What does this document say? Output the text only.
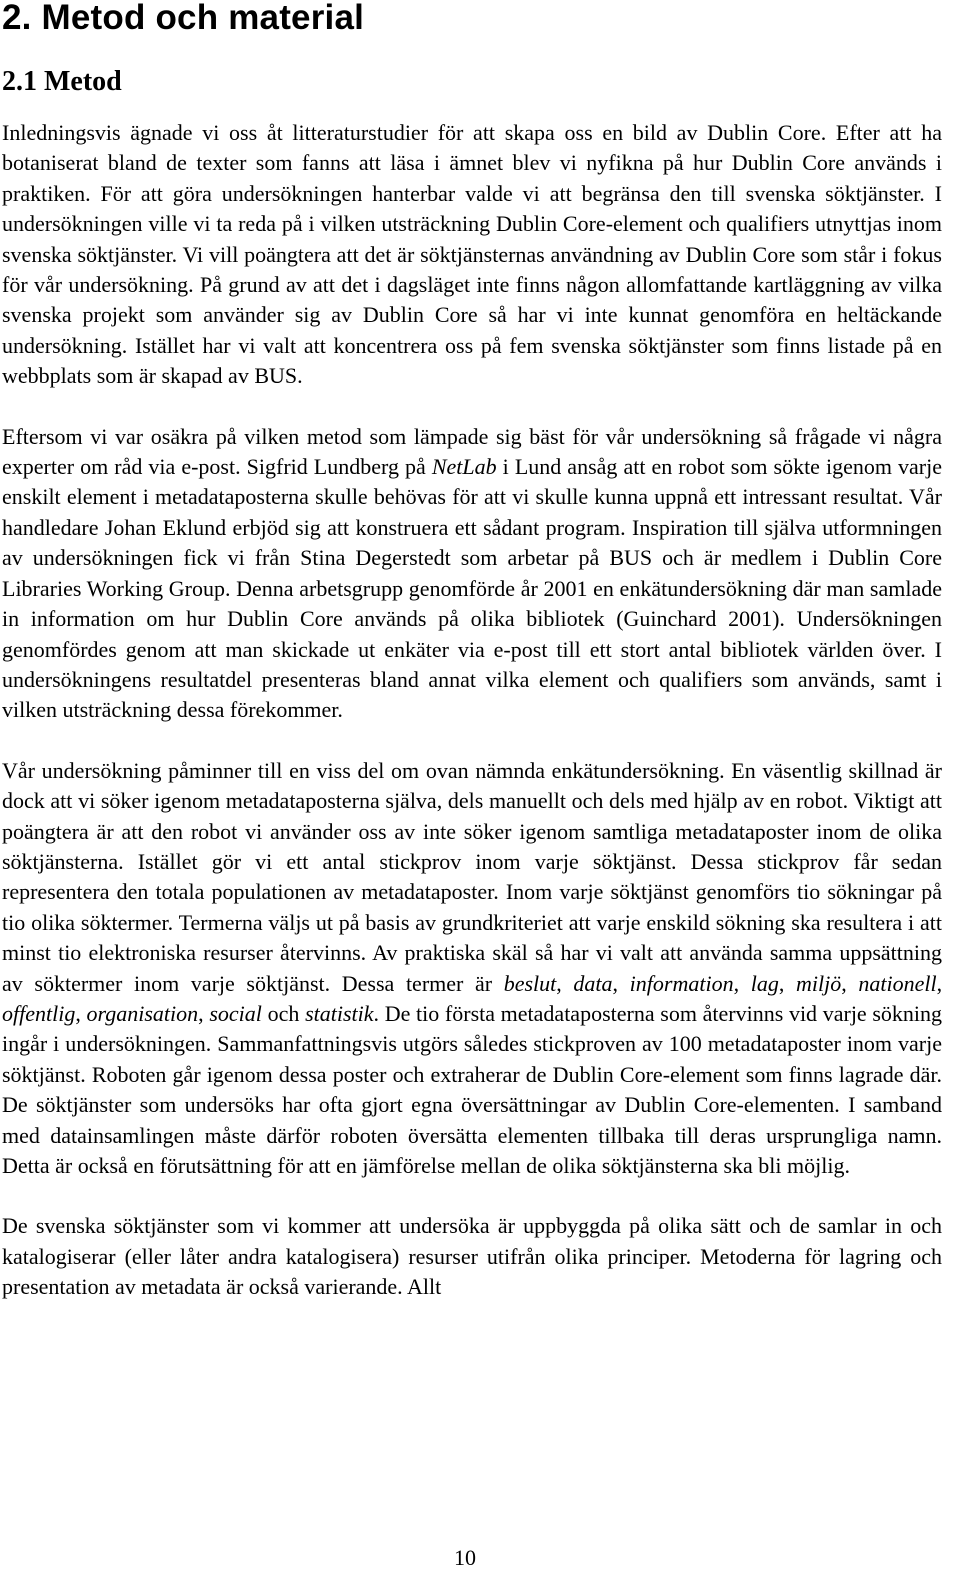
2. Metod och material
2.1 Metod

Inledningsvis ägnade vi oss åt litteraturstudier för att skapa oss en bild av Dublin Core. Efter att ha botaniserat bland de texter som fanns att läsa i ämnet blev vi nyfikna på hur Dublin Core används i praktiken. För att göra undersökningen hanterbar valde vi att begränsa den till svenska söktjänster. I undersökningen ville vi ta reda på i vilken utsträckning Dublin Core-element och qualifiers utnyttjas inom svenska söktjänster. Vi vill poängtera att det är söktjänsternas användning av Dublin Core som står i fokus för vår undersökning. På grund av att det i dagsläget inte finns någon allomfattande kartläggning av vilka svenska projekt som använder sig av Dublin Core så har vi inte kunnat genomföra en heltäckande undersökning. Istället har vi valt att koncentrera oss på fem svenska söktjänster som finns listade på en webbplats som är skapad av BUS.

Eftersom vi var osäkra på vilken metod som lämpade sig bäst för vår undersökning så frågade vi några experter om råd via e-post. Sigfrid Lundberg på NetLab i Lund ansåg att en robot som sökte igenom varje enskilt element i metadataposterna skulle behövas för att vi skulle kunna uppnå ett intressant resultat. Vår handledare Johan Eklund erbjöd sig att konstruera ett sådant program. Inspiration till själva utformningen av undersökningen fick vi från Stina Degerstedt som arbetar på BUS och är medlem i Dublin Core Libraries Working Group. Denna arbetsgrupp genomförde år 2001 en enkätundersökning där man samlade in information om hur Dublin Core används på olika bibliotek (Guinchard 2001). Undersökningen genomfördes genom att man skickade ut enkäter via e-post till ett stort antal bibliotek världen över. I undersökningens resultatdel presenteras bland annat vilka element och qualifiers som används, samt i vilken utsträckning dessa förekommer.

Vår undersökning påminner till en viss del om ovan nämnda enkätundersökning. En väsentlig skillnad är dock att vi söker igenom metadataposterna själva, dels manuellt och dels med hjälp av en robot. Viktigt att poängtera är att den robot vi använder oss av inte söker igenom samtliga metadataposter inom de olika söktjänsterna. Istället gör vi ett antal stickprov inom varje söktjänst. Dessa stickprov får sedan representera den totala populationen av metadataposter. Inom varje söktjänst genomförs tio sökningar på tio olika söktermer. Termerna väljs ut på basis av grundkriteriet att varje enskild sökning ska resultera i att minst tio elektroniska resurser återvinns. Av praktiska skäl så har vi valt att använda samma uppsättning av söktermer inom varje söktjänst. Dessa termer är beslut, data, information, lag, miljö, nationell, offentlig, organisation, social och statistik. De tio första metadataposterna som återvinns vid varje sökning ingår i undersökningen. Sammanfattningsvis utgörs således stickproven av 100 metadataposter inom varje söktjänst. Roboten går igenom dessa poster och extraherar de Dublin Core-element som finns lagrade där. De söktjänster som undersöks har ofta gjort egna översättningar av Dublin Core-elementen. I samband med datainsamlingen måste därför roboten översätta elementen tillbaka till deras ursprungliga namn. Detta är också en förutsättning för att en jämförelse mellan de olika söktjänsterna ska bli möjlig.

De svenska söktjänster som vi kommer att undersöka är uppbyggda på olika sätt och de samlar in och katalogiserar (eller låter andra katalogisera) resurser utifrån olika principer. Metoderna för lagring och presentation av metadata är också varierande. Allt

10
